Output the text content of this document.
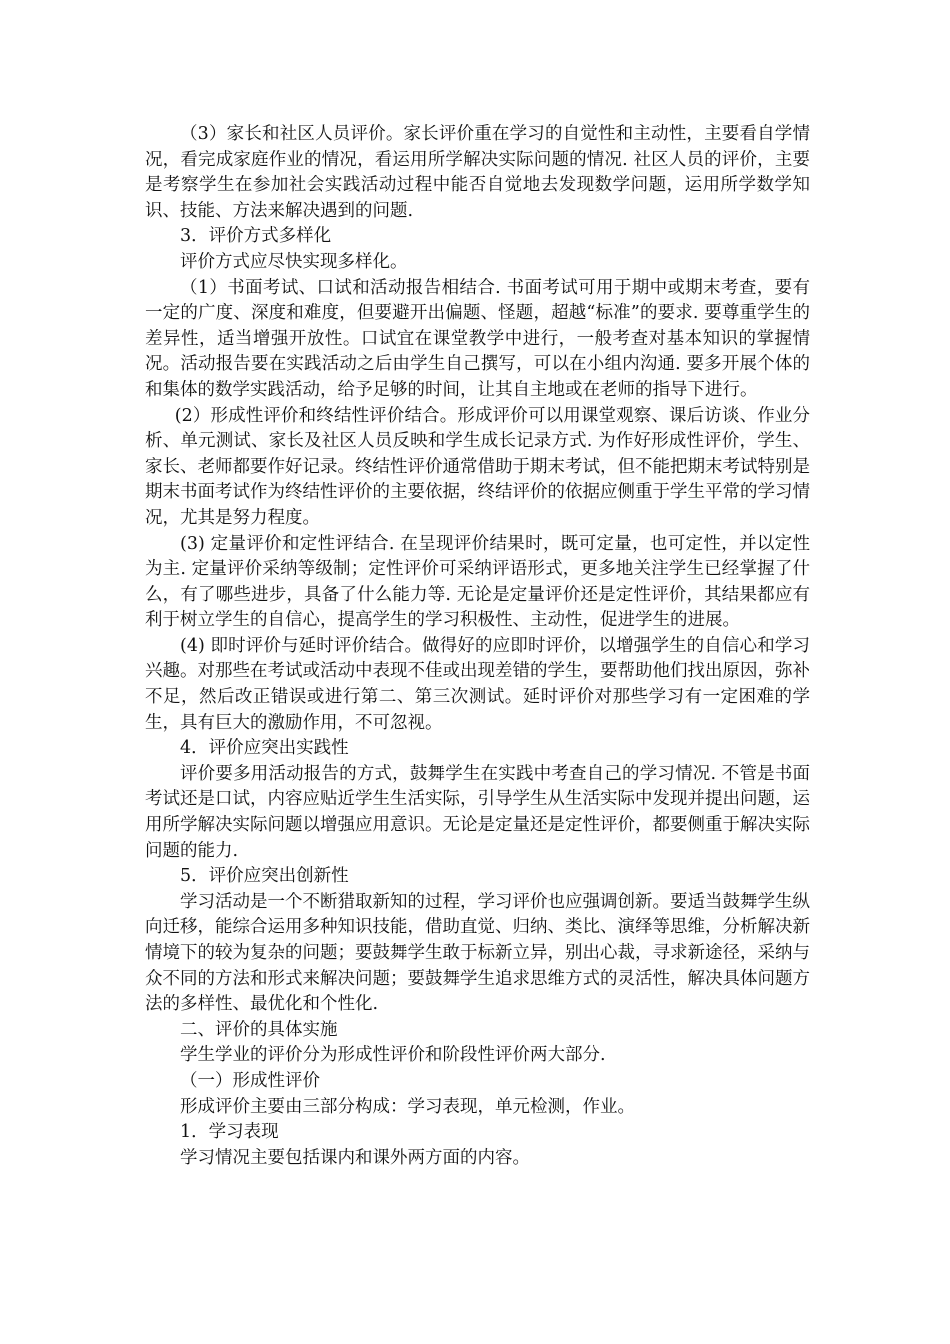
（3）家长和社区人员评价。家长评价重在学习的自觉性和主动性，主要看自学情况，看完成家庭作业的情况，看运用所学解决实际问题的情况. 社区人员的评价，主要是考察学生在参加社会实践活动过程中能否自觉地去发现数学问题，运用所学数学知识、技能、方法来解决遇到的问题.

3．评价方式多样化

评价方式应尽快实现多样化。

（1）书面考试、口试和活动报告相结合. 书面考试可用于期中或期末考查，要有一定的广度、深度和难度，但要避开出偏题、怪题，超越“标准”的要求. 要尊重学生的差异性，适当增强开放性。口试宜在课堂教学中进行，一般考查对基本知识的掌握情况。活动报告要在实践活动之后由学生自己撰写，可以在小组内沟通. 要多开展个体的和集体的数学实践活动，给予足够的时间，让其自主地或在老师的指导下进行。

(2）形成性评价和终结性评价结合。形成评价可以用课堂观察、课后访谈、作业分析、单元测试、家长及社区人员反映和学生成长记录方式. 为作好形成性评价，学生、家长、老师都要作好记录。终结性评价通常借助于期末考试，但不能把期末考试特别是期末书面考试作为终结性评价的主要依据，终结评价的依据应侧重于学生平常的学习情况，尤其是努力程度。

(3) 定量评价和定性评结合. 在呈现评价结果时，既可定量，也可定性，并以定性为主. 定量评价采纳等级制；定性评价可采纳评语形式，更多地关注学生已经掌握了什么，有了哪些进步，具备了什么能力等. 无论是定量评价还是定性评价，其结果都应有利于树立学生的自信心，提高学生的学习积极性、主动性，促进学生的进展。

(4) 即时评价与延时评价结合。做得好的应即时评价，以增强学生的自信心和学习兴趣。对那些在考试或活动中表现不佳或出现差错的学生，要帮助他们找出原因，弥补不足，然后改正错误或进行第二、第三次测试。延时评价对那些学习有一定困难的学生，具有巨大的激励作用，不可忽视。

4．评价应突出实践性

评价要多用活动报告的方式，鼓舞学生在实践中考查自己的学习情况. 不管是书面考试还是口试，内容应贴近学生生活实际，引导学生从生活实际中发现并提出问题，运用所学解决实际问题以增强应用意识。无论是定量还是定性评价，都要侧重于解决实际问题的能力.

5．评价应突出创新性

学习活动是一个不断猎取新知的过程，学习评价也应强调创新。要适当鼓舞学生纵向迁移，能综合运用多种知识技能，借助直觉、归纳、类比、演绎等思维，分析解决新情境下的较为复杂的问题；要鼓舞学生敢于标新立异，别出心裁，寻求新途径，采纳与众不同的方法和形式来解决问题；要鼓舞学生追求思维方式的灵活性，解决具体问题方法的多样性、最优化和个性化.

二、评价的具体实施

学生学业的评价分为形成性评价和阶段性评价两大部分.

（一）形成性评价

形成评价主要由三部分构成：学习表现，单元检测，作业。

1．学习表现

学习情况主要包括课内和课外两方面的内容。
